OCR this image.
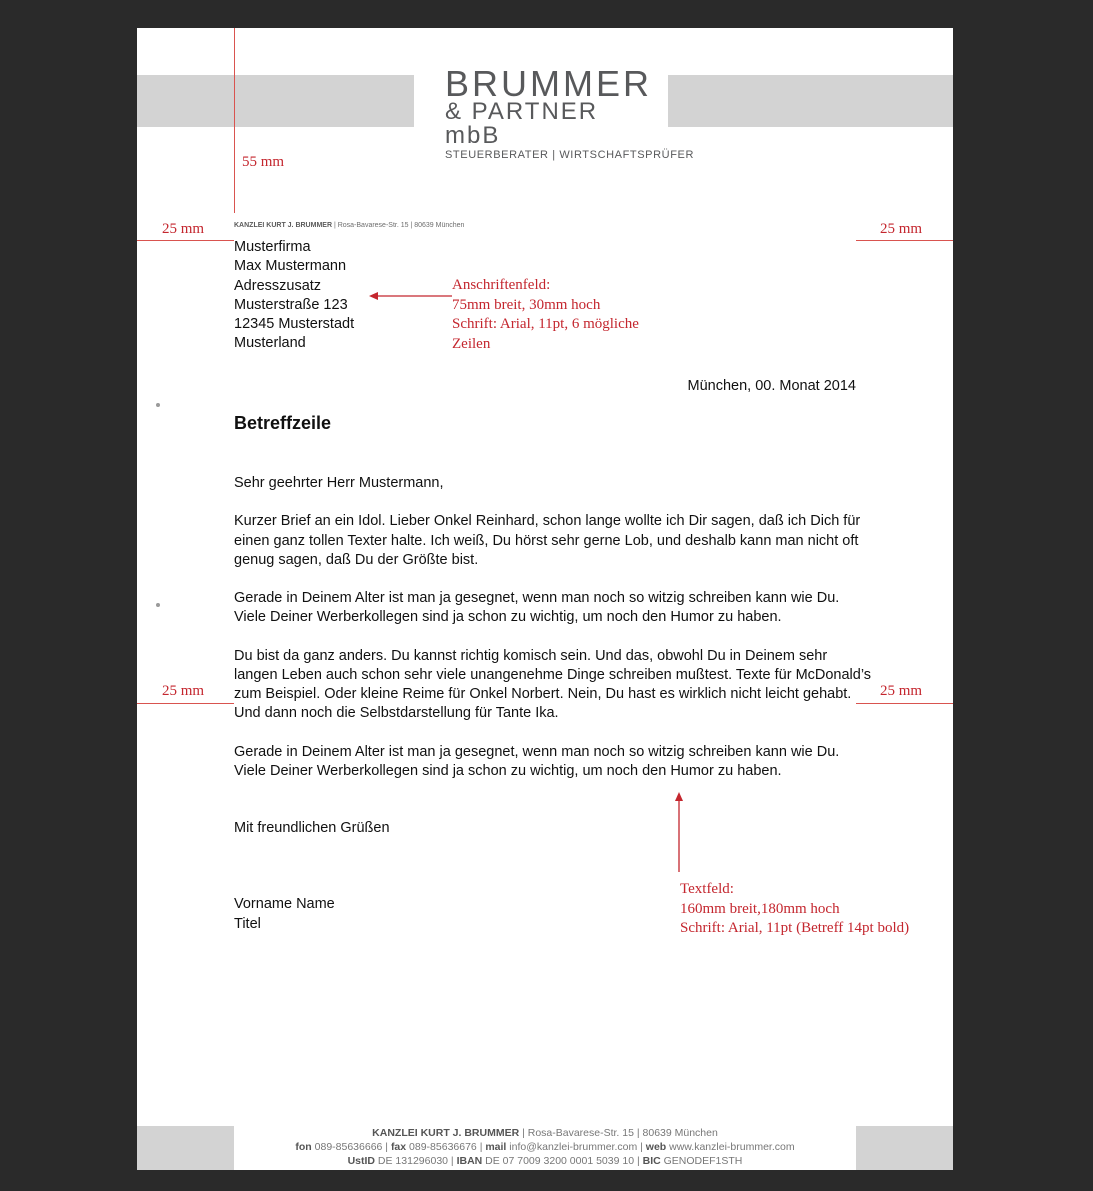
BRUMMER
& PARTNER mbB
STEUERBERATER | WIRTSCHAFTSPRÜFER
55 mm
25 mm	25 mm
25 mm	25 mm
KANZLEI KURT J. BRUMMER | Rosa-Bavarese-Str. 15 | 80639 München
Musterfirma
Max Mustermann
Adresszusatz
Musterstraße 123
12345 Musterstadt
Musterland
Anschriftenfeld:
75mm breit, 30mm hoch
Schrift: Arial, 11pt, 6 mögliche
Zeilen
München, 00. Monat 2014
Betreffzeile

Sehr geehrter Herr Mustermann,

Kurzer Brief an ein Idol. Lieber Onkel Reinhard, schon lange wollte ich Dir sagen, daß ich Dich für einen ganz tollen Texter halte. Ich weiß, Du hörst sehr gerne Lob, und deshalb kann man nicht oft genug sagen, daß Du der Größte bist.

Gerade in Deinem Alter ist man ja gesegnet, wenn man noch so witzig schreiben kann wie Du. Viele Deiner Werberkollegen sind ja schon zu wichtig, um noch den Humor zu haben.

Du bist da ganz anders. Du kannst richtig komisch sein. Und das, obwohl Du in Deinem sehr langen Leben auch schon sehr viele unangenehme Dinge schreiben mußtest. Texte für McDonald’s zum Beispiel. Oder kleine Reime für Onkel Norbert. Nein, Du hast es wirklich nicht leicht gehabt. Und dann noch die Selbstdarstellung für Tante Ika.

Gerade in Deinem Alter ist man ja gesegnet, wenn man noch so witzig schreiben kann wie Du. Viele Deiner Werberkollegen sind ja schon zu wichtig, um noch den Humor zu haben.

Mit freundlichen Grüßen

Vorname Name
Titel
Textfeld:
160mm breit,180mm hoch
Schrift: Arial, 11pt (Betreff 14pt bold)
KANZLEI KURT J. BRUMMER | Rosa-Bavarese-Str. 15 | 80639 München
fon 089-85636666 | fax 089-85636676 | mail info@kanzlei-brummer.com | web www.kanzlei-brummer.com
UstID DE 131296030 | IBAN DE 07 7009 3200 0001 5039 10 | BIC GENODEF1STH
